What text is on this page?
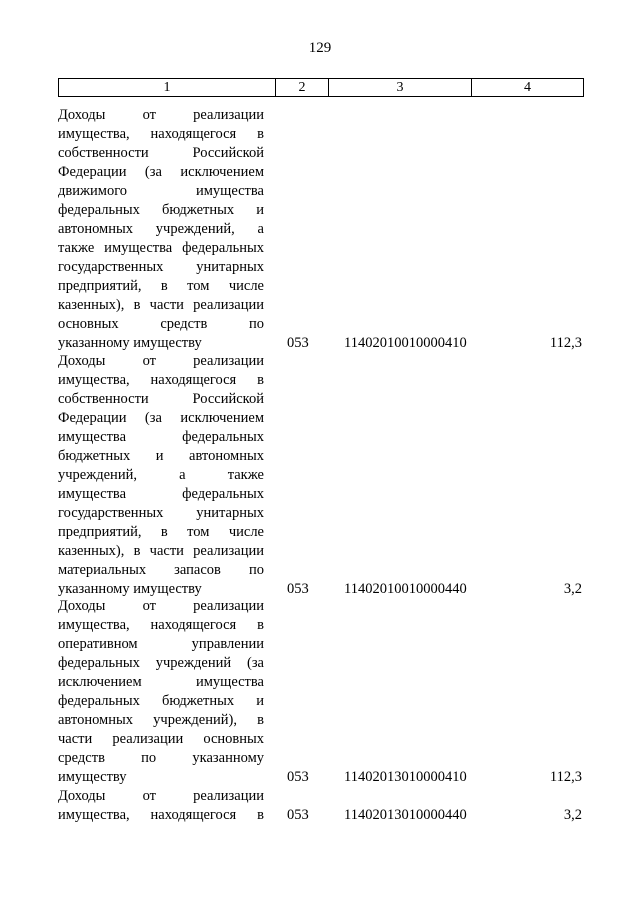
129
1	2	3	4
Доходы от реализации
имущества, находящегося в
собственности Российской
Федерации (за исключением
движимого имущества
федеральных бюджетных и
автономных учреждений, а
также имущества федеральных
государственных унитарных
предприятий, в том числе
казенных), в части реализации
основных средств по
указанному имуществу	053 11402010010000410	112,3
Доходы от реализации
имущества, находящегося в
собственности Российской
Федерации (за исключением
имущества федеральных
бюджетных и автономных
учреждений, а также
имущества федеральных
государственных унитарных
предприятий, в том числе
казенных), в части реализации
материальных запасов по
указанному имуществу	053 11402010010000440	3,2
Доходы от реализации
имущества, находящегося в
оперативном управлении
федеральных учреждений (за
исключением имущества
федеральных бюджетных и
автономных учреждений), в
части реализации основных
средств по указанному
имуществу	053 11402013010000410	112,3
Доходы от реализации
имущества, находящегося в 053 11402013010000440	3,2
